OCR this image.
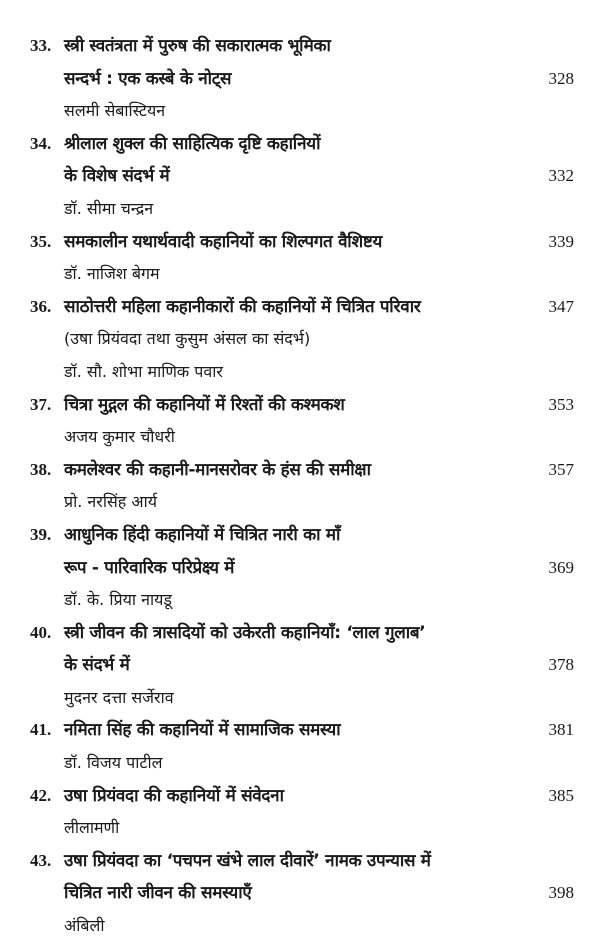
33. स्त्री स्वतंत्रता में पुरुष की सकारात्मक भूमिका
सन्दर्भ : एक कस्बे के नोट्स	328
सलमी सेबास्टियन
34. श्रीलाल शुक्ल की साहित्यिक दृष्टि कहानियों
के विशेष संदर्भ में	332
डॉ. सीमा चन्द्रन
35. समकालीन यथार्थवादी कहानियों का शिल्पगत वैशिष्टय	339
डॉ. नाजिश बेगम
36. साठोत्तरी महिला कहानीकारों की कहानियों में चित्रित परिवार	347
(उषा प्रियंवदा तथा कुसुम अंसल का संदर्भ)
डॉ. सौ. शोभा माणिक पवार
37. चित्रा मुद्गल की कहानियों में रिश्तों की कश्मकश	353
अजय कुमार चौधरी
38. कमलेश्वर की कहानी-मानसरोवर के हंस की समीक्षा	357
प्रो. नरसिंह आर्य
39. आधुनिक हिंदी कहानियों में चित्रित नारी का माँ
रूप - पारिवारिक परिप्रेक्ष्य में	369
डॉ. के. प्रिया नायडू
40. स्त्री जीवन की त्रासदियों को उकेरती कहानियाँ: ‘लाल गुलाब’
के संदर्भ में	378
मुदनर दत्ता सर्जेराव
41. नमिता सिंह की कहानियों में सामाजिक समस्या	381
डॉ. विजय पाटील
42. उषा प्रियंवदा की कहानियों में संवेदना	385
लीलामणी
43. उषा प्रियंवदा का ‘पचपन खंभे लाल दीवारें’ नामक उपन्यास में
चित्रित नारी जीवन की समस्याएँ	398
अंबिली
